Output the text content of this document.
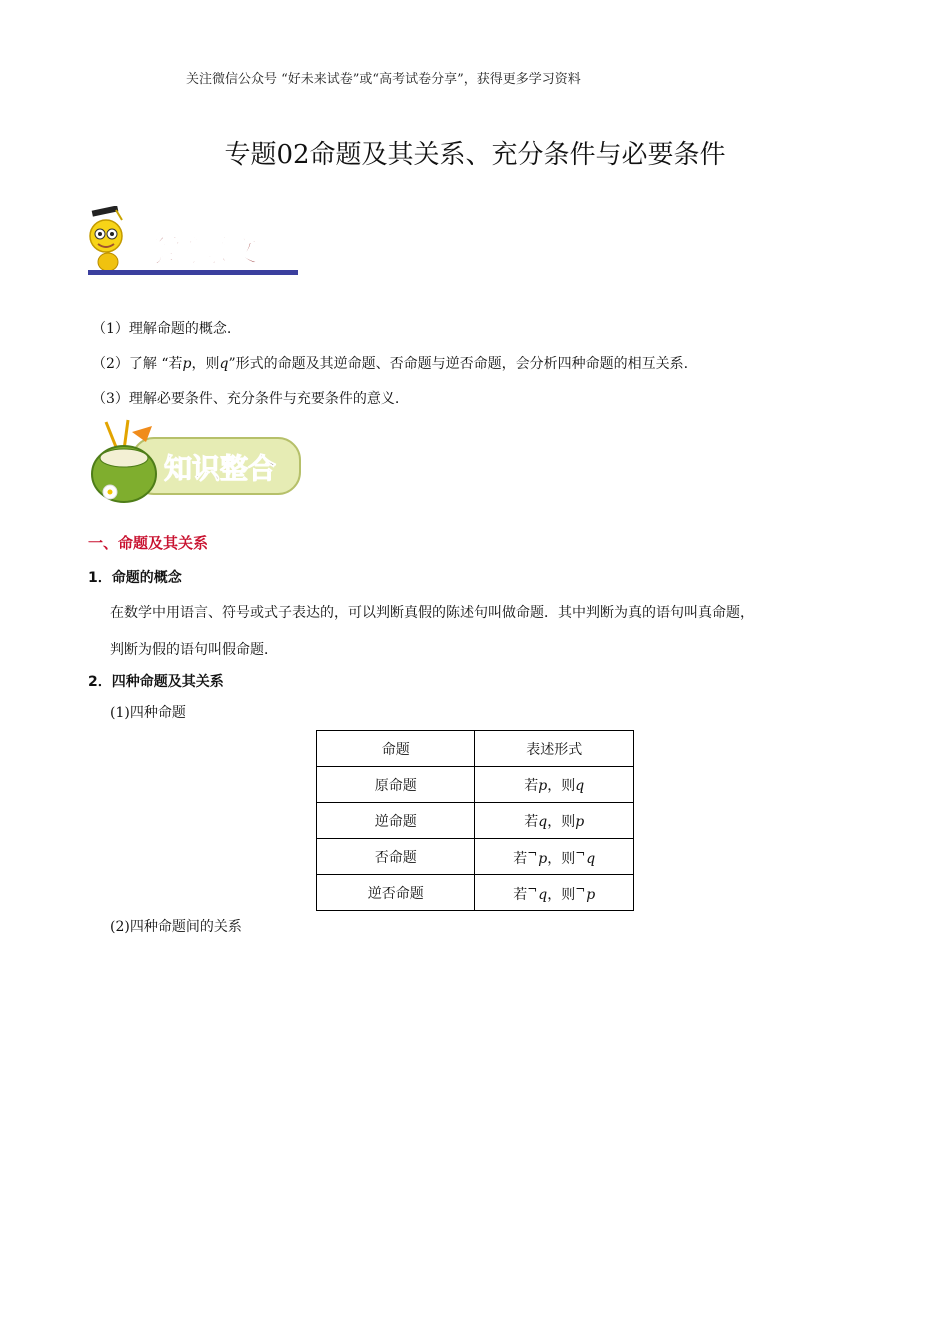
关注微信公众号 “好未来试卷”或“高考试卷分享”，获得更多学习资料
专题02命题及其关系、充分条件与必要条件
考纲原文
（1）理解命题的概念.
（2）了解 “若p，则q”形式的命题及其逆命题、否命题与逆否命题，会分析四种命题的相互关系.
（3）理解必要条件、充分条件与充要条件的意义.
知识整合
一、命题及其关系
1．命题的概念
在数学中用语言、符号或式子表达的，可以判断真假的陈述句叫做命题．其中判断为真的语句叫真命题，
判断为假的语句叫假命题．
2．四种命题及其关系
(1)四种命题
命题	表述形式
原命题	若p，则q
逆命题	若q，则p
否命题	若¬p，则¬q
逆否命题	若¬q，则¬p
(2)四种命题间的关系
